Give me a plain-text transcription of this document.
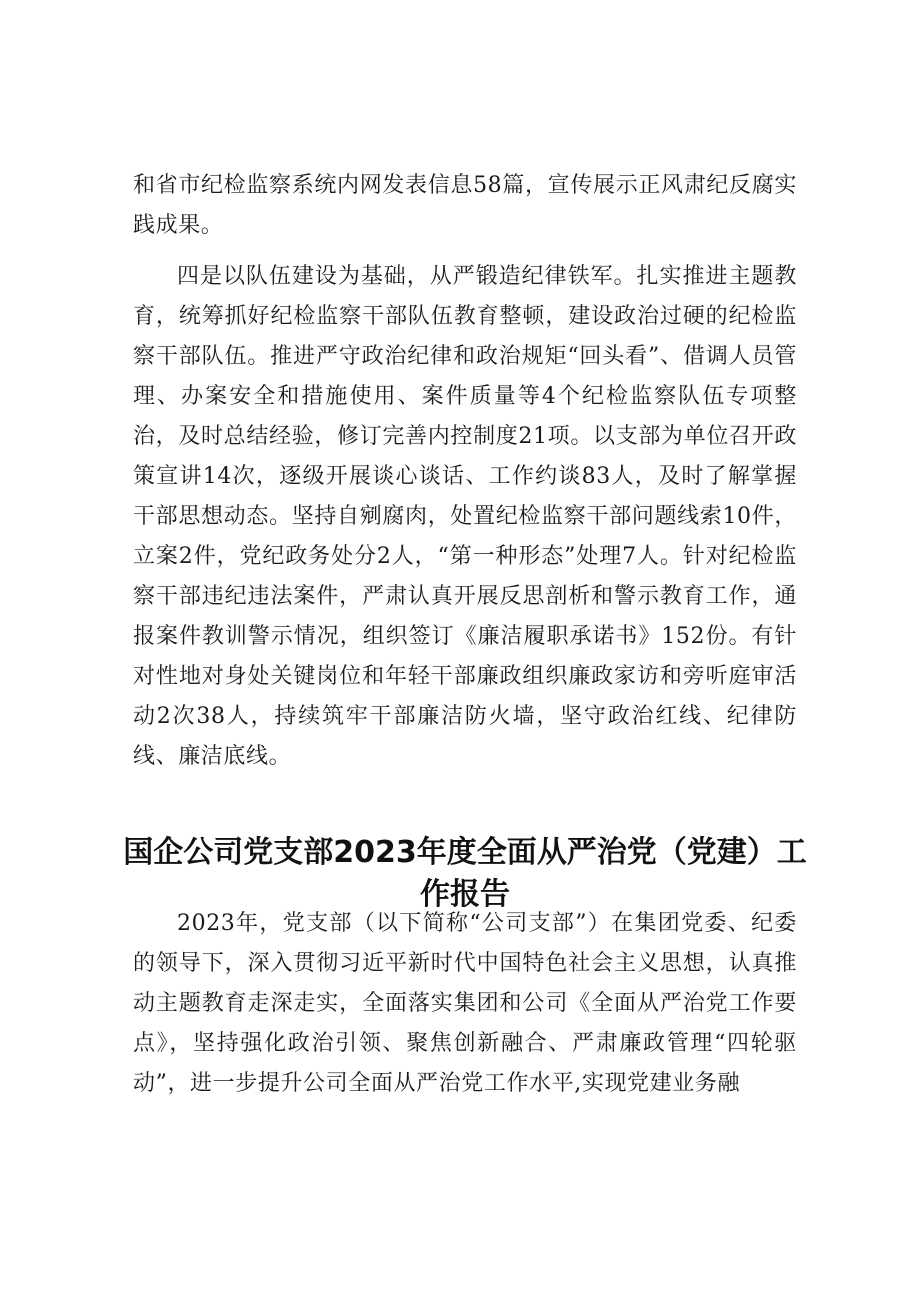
和省市纪检监察系统内网发表信息58篇，宣传展示正风肃纪反腐实践成果。

四是以队伍建设为基础，从严锻造纪律铁军。扎实推进主题教育，统筹抓好纪检监察干部队伍教育整顿，建设政治过硬的纪检监察干部队伍。推进严守政治纪律和政治规矩“回头看”、借调人员管理、办案安全和措施使用、案件质量等4个纪检监察队伍专项整治，及时总结经验，修订完善内控制度21项。以支部为单位召开政策宣讲14次，逐级开展谈心谈话、工作约谈83人，及时了解掌握干部思想动态。坚持自剜腐肉，处置纪检监察干部问题线索10件，立案2件，党纪政务处分2人，“第一种形态”处理7人。针对纪检监察干部违纪违法案件，严肃认真开展反思剖析和警示教育工作，通报案件教训警示情况，组织签订《廉洁履职承诺书》152份。有针对性地对身处关键岗位和年轻干部廉政组织廉政家访和旁听庭审活动2次38人，持续筑牢干部廉洁防火墙，坚守政治红线、纪律防线、廉洁底线。

国企公司党支部2023年度全面从严治党（党建）工作报告

2023年，党支部（以下简称“公司支部”）在集团党委、纪委的领导下，深入贯彻习近平新时代中国特色社会主义思想，认真推动主题教育走深走实，全面落实集团和公司《全面从严治党工作要点》，坚持强化政治引领、聚焦创新融合、严肃廉政管理“四轮驱动”，进一步提升公司全面从严治党工作水平,实现党建业务融
